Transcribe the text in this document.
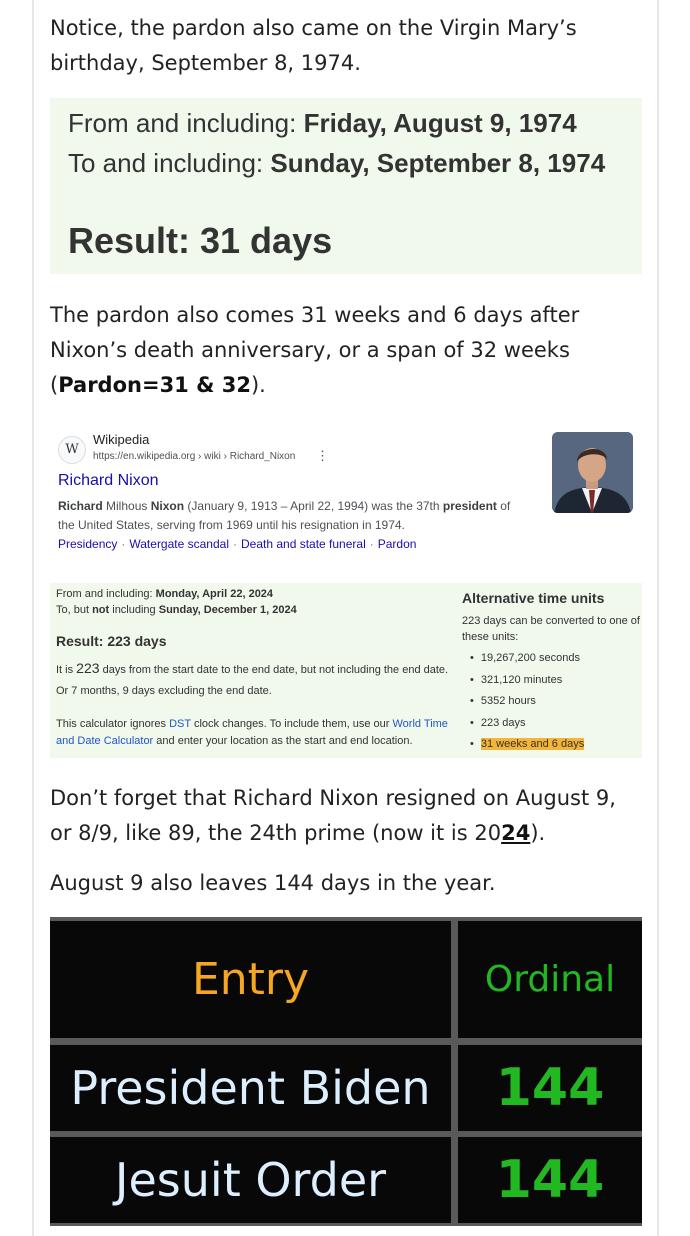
Notice, the pardon also came on the Virgin Mary’s birthday, September 8, 1974.

From and including: Friday, August 9, 1974
To and including: Sunday, September 8, 1974
Result: 31 days

The pardon also comes 31 weeks and 6 days after Nixon’s death anniversary, or a span of 32 weeks (Pardon=31 & 32).

W
Wikipedia
https://en.wikipedia.org › wiki › Richard_Nixon ⋮
Richard Nixon
Richard Milhous Nixon (January 9, 1913 – April 22, 1994) was the 37th president of the United States, serving from 1969 until his resignation in 1974.
Presidency · Watergate scandal · Death and state funeral · Pardon
From and including: Monday, April 22, 2024
To, but not including Sunday, December 1, 2024
Result: 223 days
It is 223 days from the start date to the end date, but not including the end date.
Or 7 months, 9 days excluding the end date.
This calculator ignores DST clock changes. To include them, use our World Time
and Date Calculator and enter your location as the start and end location.
Alternative time units
223 days can be converted to one of
these units:
• 19,267,200 seconds
• 321,120 minutes
• 5352 hours
• 223 days
• 31 weeks and 6 days

Don’t forget that Richard Nixon resigned on August 9, or 8/9, like 89, the 24th prime (now it is 2024).

August 9 also leaves 144 days in the year.

Entry	Ordinal
President Biden 144
Jesuit Order 144
